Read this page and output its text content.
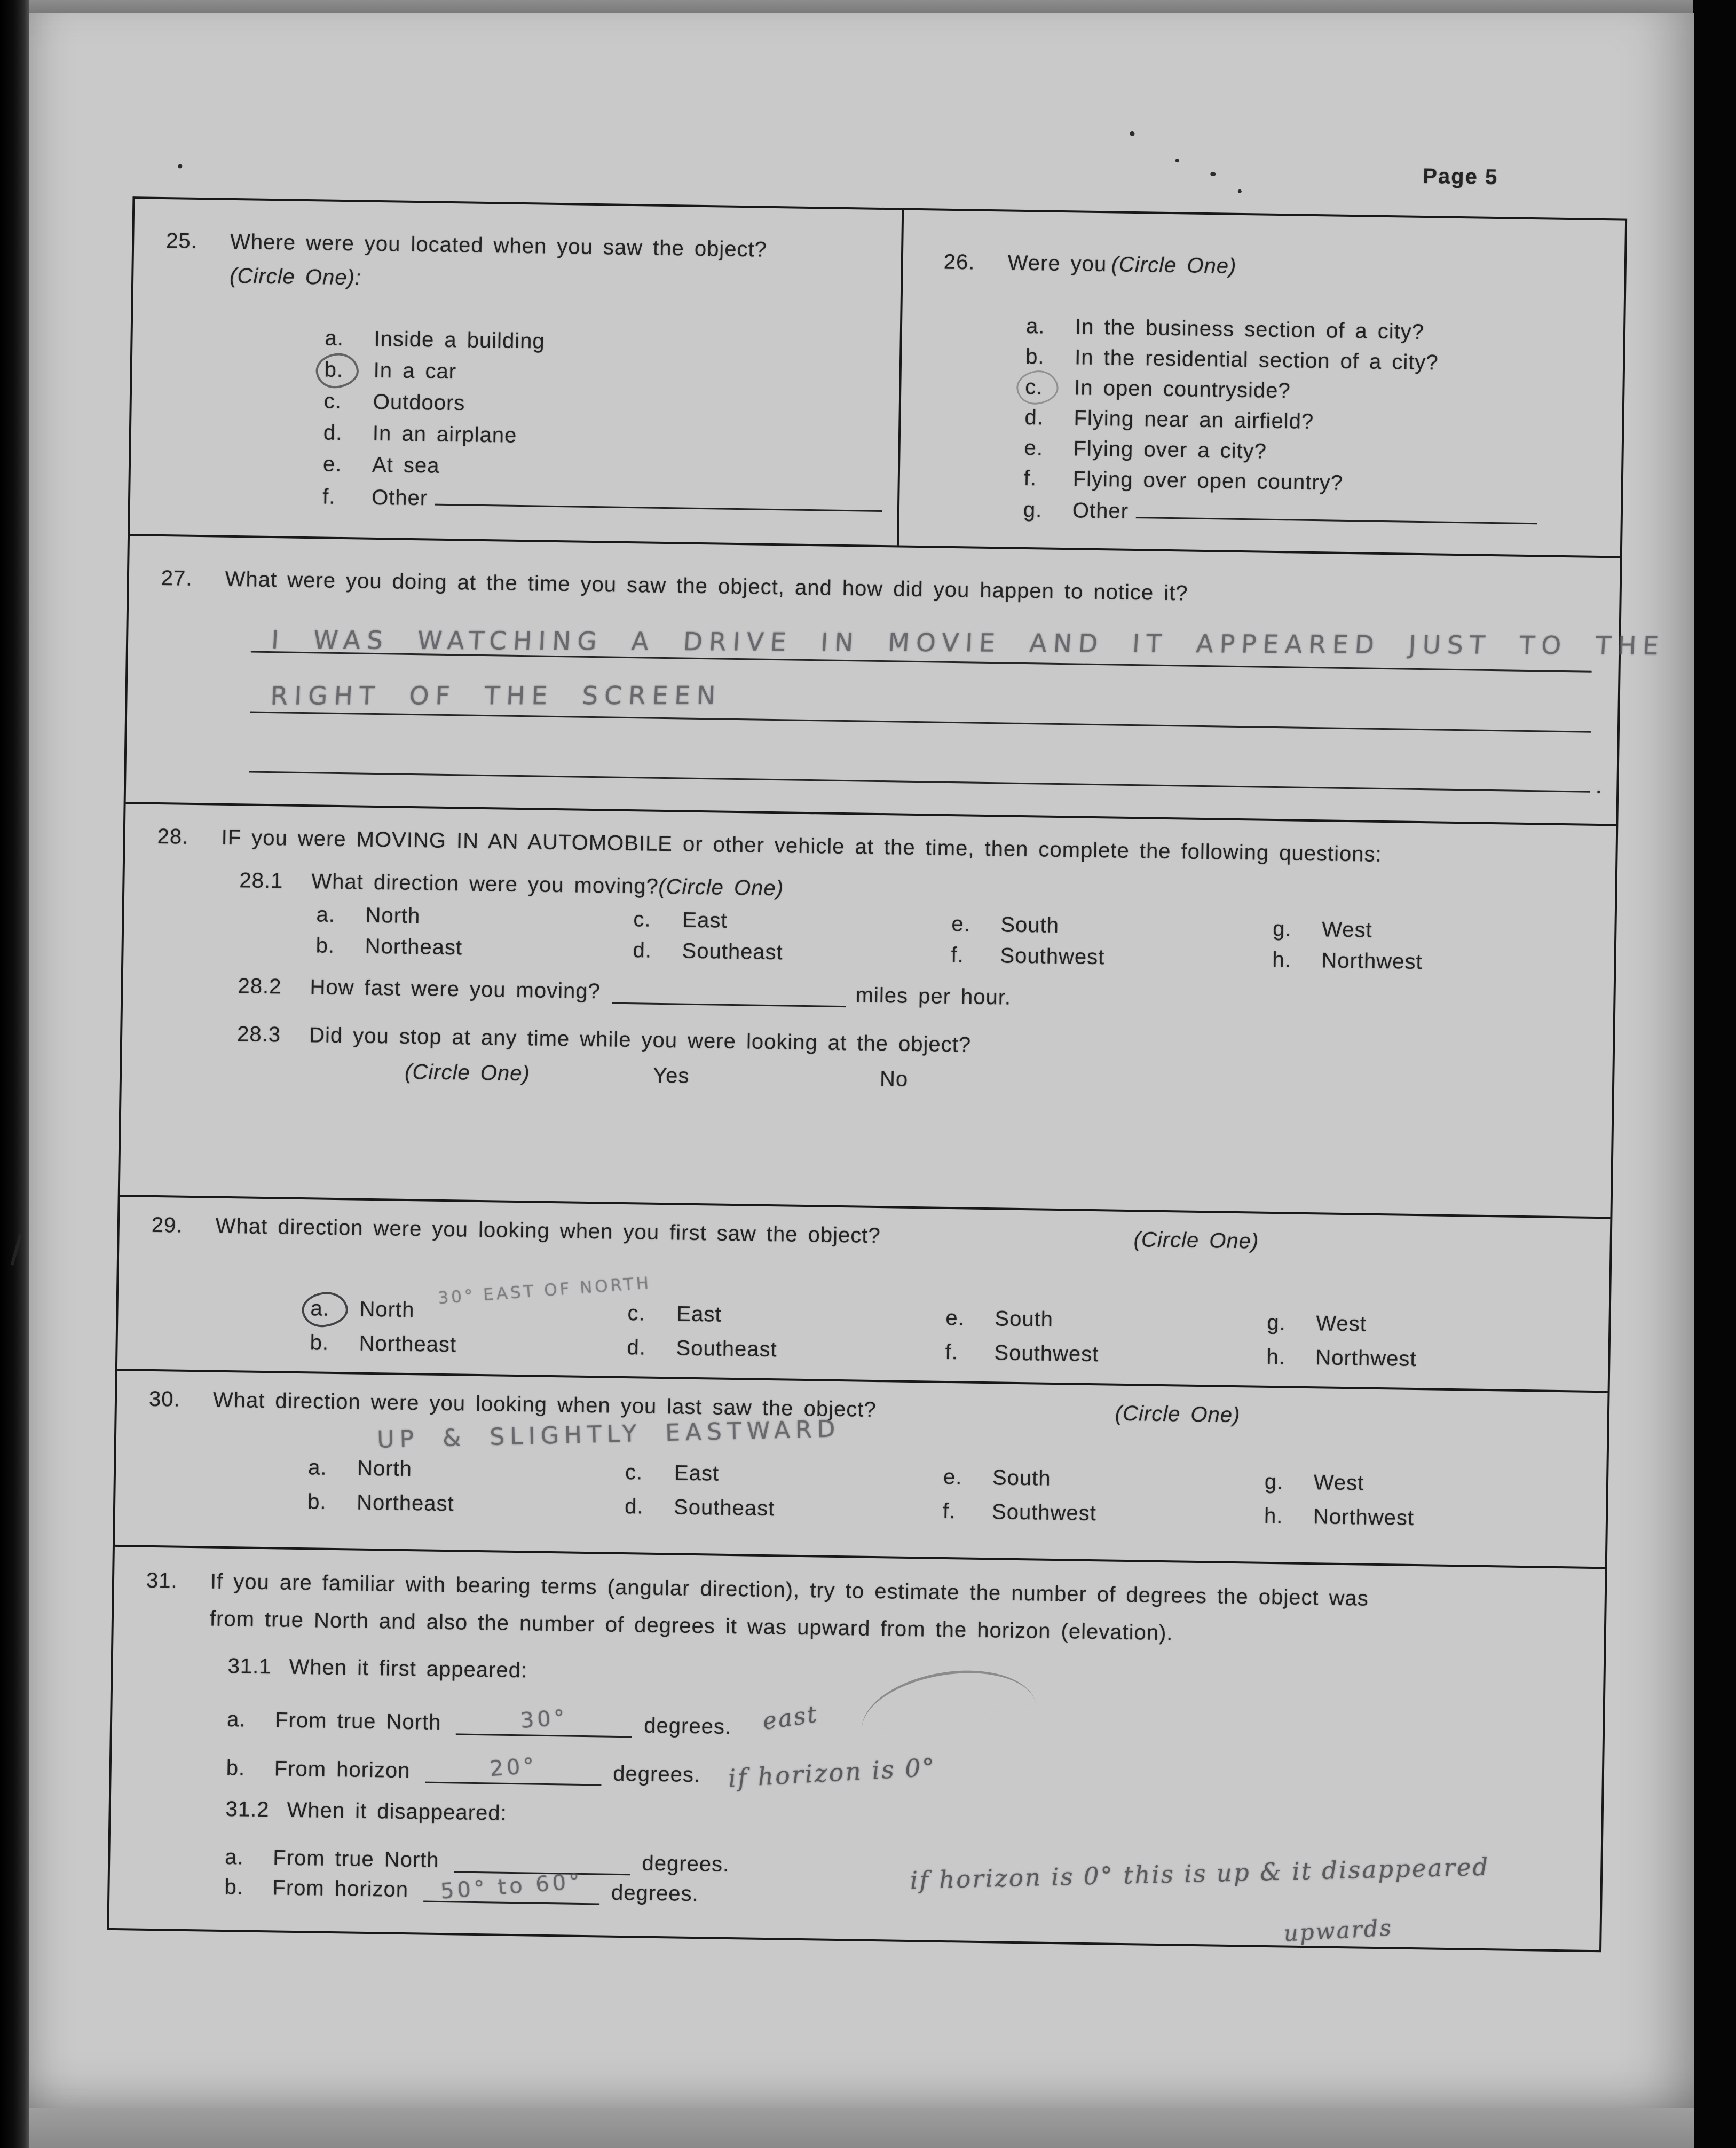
Page 5
25. Where were you located when you saw the object?
(Circle One):
a. Inside a building
b. In a car
c. Outdoors
d. In an airplane
e. At sea
f. Other
26. Were you (Circle One)
a. In the business section of a city?
b. In the residential section of a city?
c. In open countryside?
d. Flying near an airfield?
e. Flying over a city?
f. Flying over open country?
g. Other
27. What were you doing at the time you saw the object, and how did you happen to notice it?
I WAS WATCHING A DRIVE IN MOVIE AND IT APPEARED JUST TO THE
RIGHT OF THE SCREEN
.
28. IF you were MOVING IN AN AUTOMOBILE or other vehicle at the time, then complete the following questions:
28.1 What direction were you moving?
(Circle One)
a. North
b. Northeast
c. East
d. Southeast
e. South
f. Southwest
g. West
h. Northwest
28.2 How fast were you moving?	miles per hour.
28.3 Did you stop at any time while you were looking at the object?
(Circle One)	Yes	No
29. What direction were you looking when you first saw the object?	(Circle One)
30° EAST OF NORTH
a. North
b. Northeast
c. East
d. Southeast
e. South
f. Southwest
g. West
h. Northwest
30. What direction were you looking when you last saw the object?	(Circle One)
UP & SLIGHTLY EASTWARD
a. North
b. Northeast
c. East
d. Southeast
e. South
f. Southwest
g. West
h. Northwest
31. If you are familiar with bearing terms (angular direction), try to estimate the number of degrees the object was
from true North and also the number of degrees it was upward from the horizon (elevation).
31.1 When it first appeared:
a.	From true North	30°	degrees. east
b.	From horizon	20°	degrees. if horizon is 0°
31.2 When it disappeared:
a.	From true North	degrees.
b.	From horizon 50° to 60° degrees.	if horizon is 0° this is up & it disappeared
upwards
